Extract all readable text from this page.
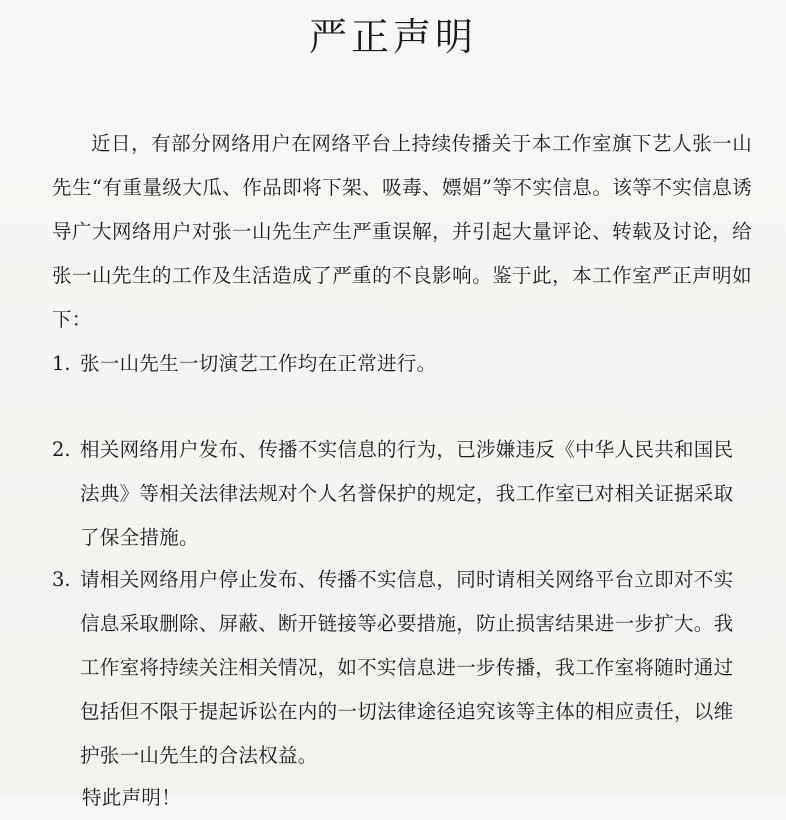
严正声明

近日，有部分网络用户在网络平台上持续传播关于本工作室旗下艺人张一山先生“有重量级大瓜、作品即将下架、吸毒、嫖娼”等不实信息。该等不实信息诱导广大网络用户对张一山先生产生严重误解，并引起大量评论、转载及讨论，给张一山先生的工作及生活造成了严重的不良影响。鉴于此，本工作室严正声明如下：

1. 张一山先生一切演艺工作均在正常进行。
2. 相关网络用户发布、传播不实信息的行为，已涉嫌违反《中华人民共和国民法典》等相关法律法规对个人名誉保护的规定，我工作室已对相关证据采取了保全措施。
3. 请相关网络用户停止发布、传播不实信息，同时请相关网络平台立即对不实信息采取删除、屏蔽、断开链接等必要措施，防止损害结果进一步扩大。我工作室将持续关注相关情况，如不实信息进一步传播，我工作室将随时通过包括但不限于提起诉讼在内的一切法律途径追究该等主体的相应责任，以维护张一山先生的合法权益。
特此声明！
